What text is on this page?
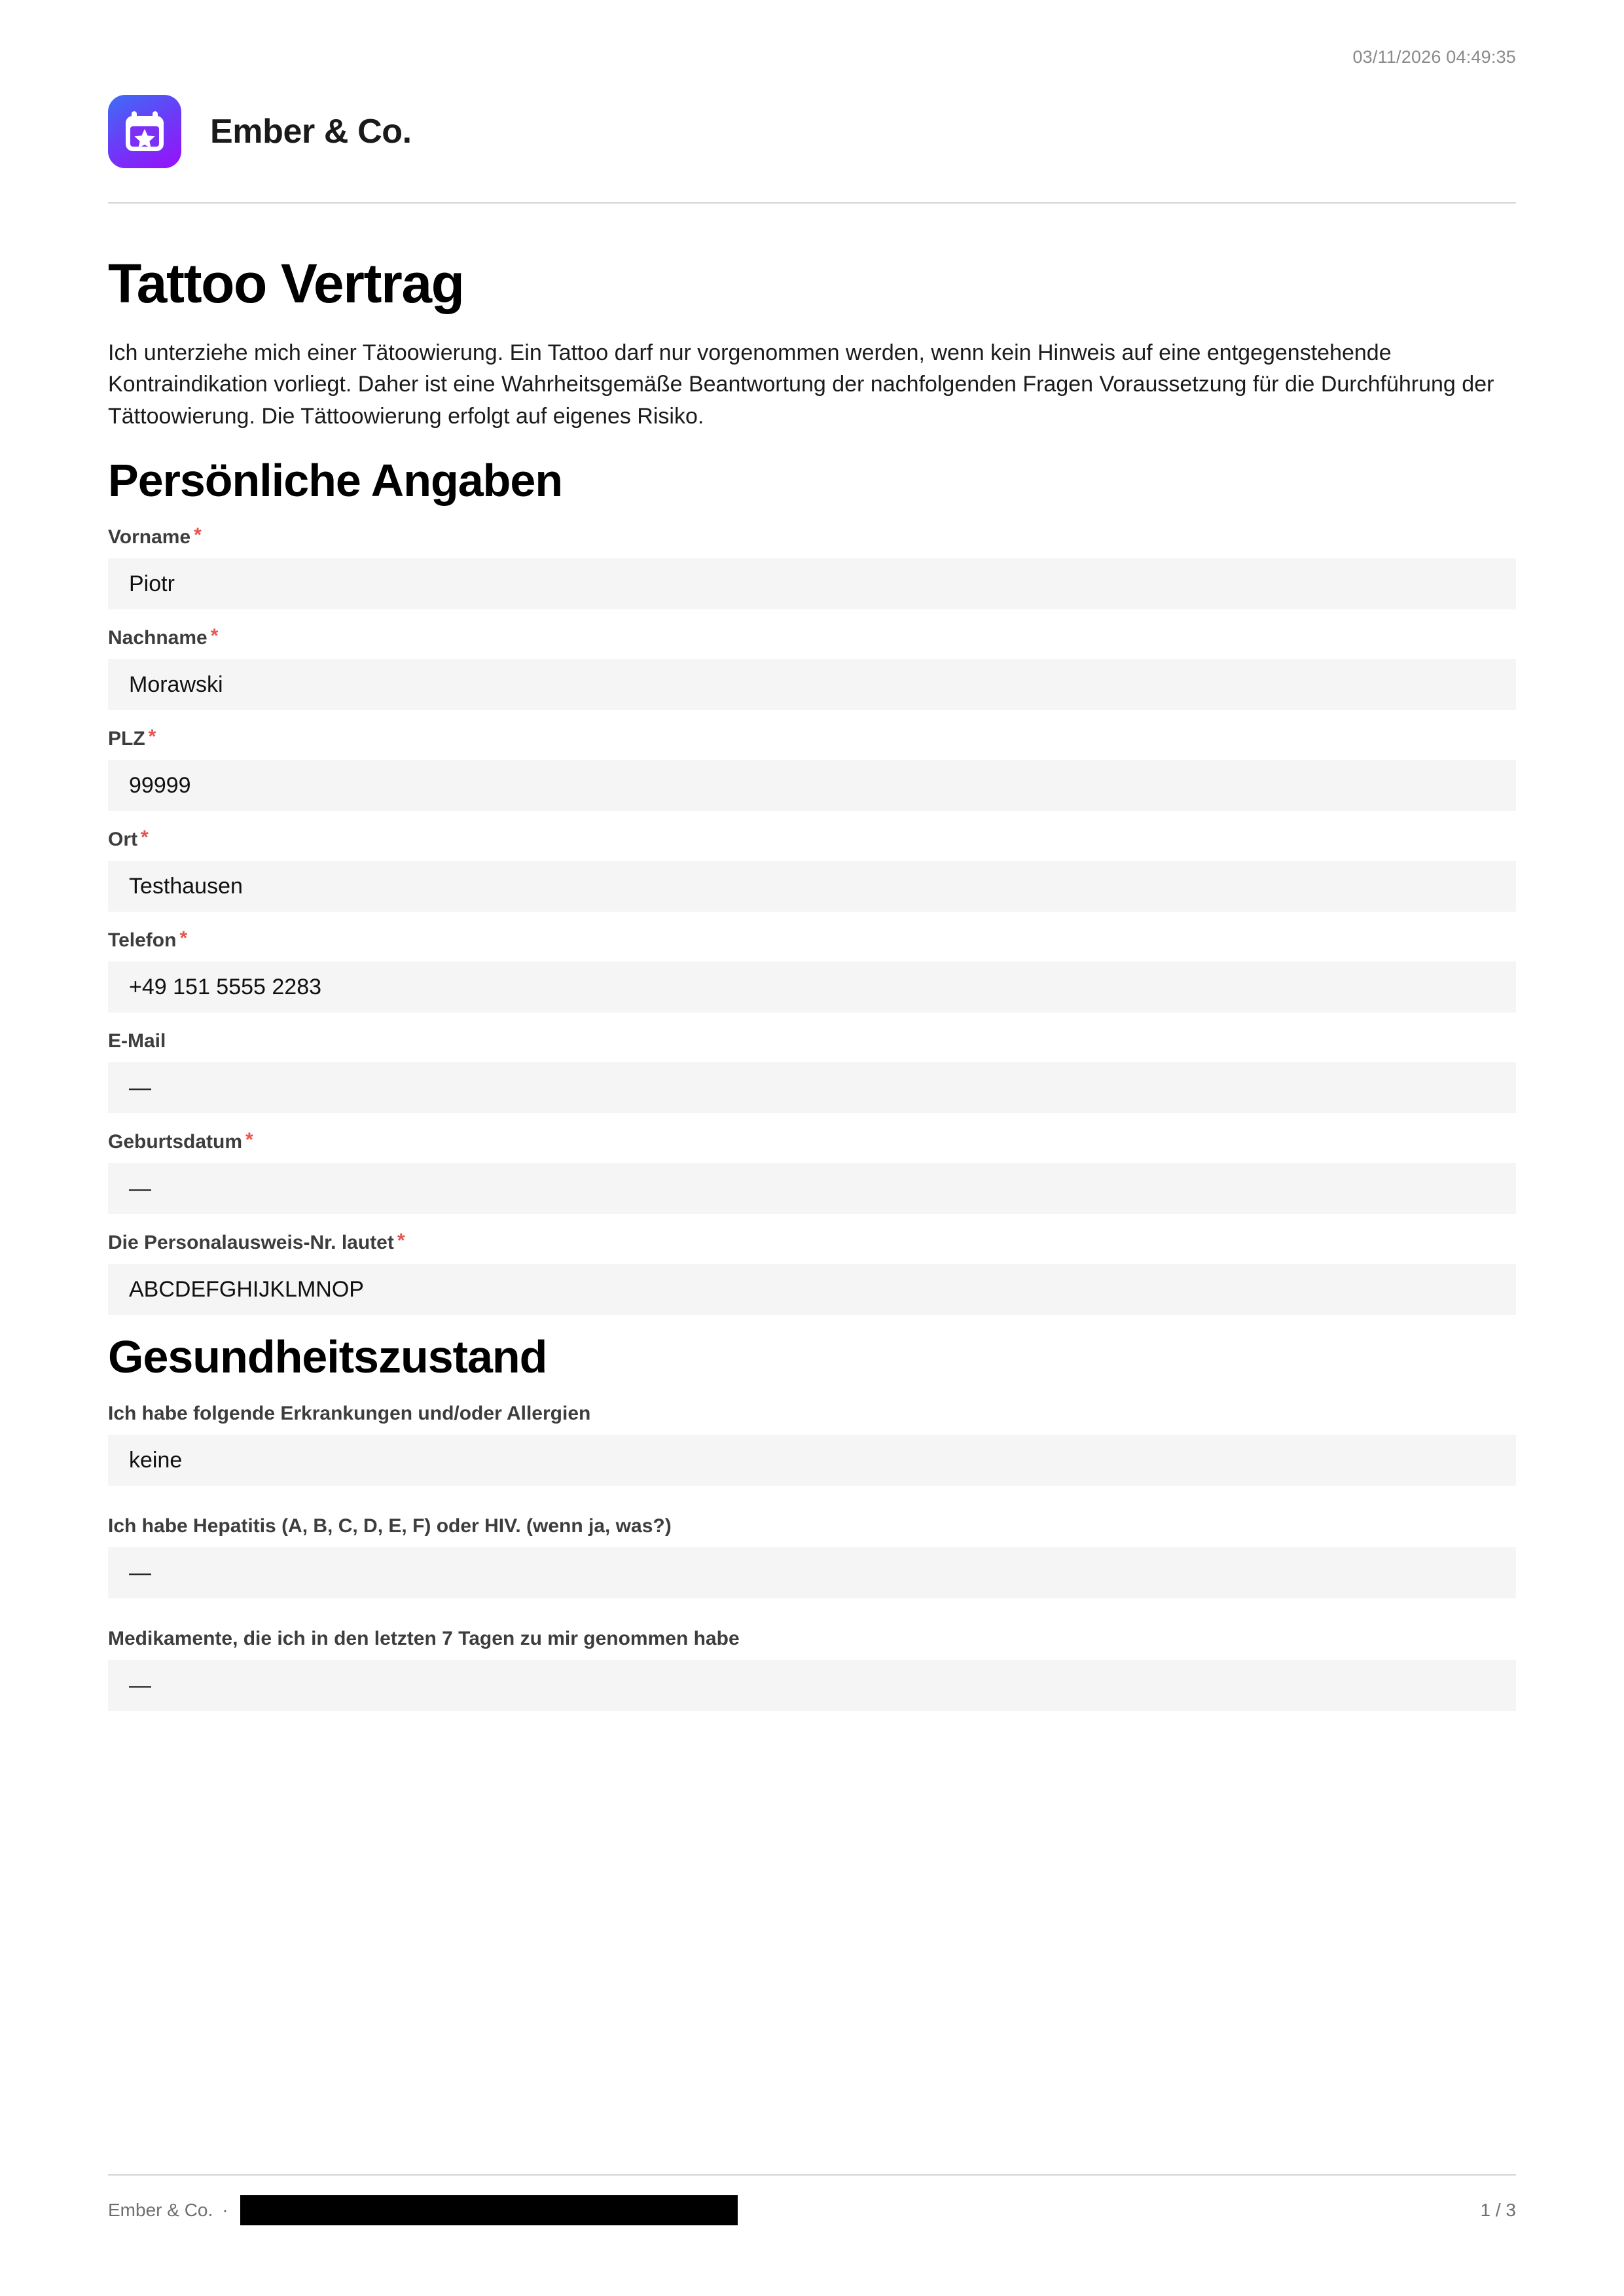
03/11/2026 04:49:35
Ember & Co.
Tattoo Vertrag

Ich unterziehe mich einer Tätoowierung. Ein Tattoo darf nur vorgenommen werden, wenn kein Hinweis auf eine entgegenstehende Kontraindikation vorliegt. Daher ist eine Wahrheitsgemäße Beantwortung der nachfolgenden Fragen Voraussetzung für die Durchführung der Tättoowierung. Die Tättoowierung erfolgt auf eigenes Risiko.

Persönliche Angaben
Vorname *
Piotr
Nachname *
Morawski
PLZ *
99999
Ort *
Testhausen
Telefon *
+49 151 5555 2283
E-Mail
—
Geburtsdatum *
—
Die Personalausweis-Nr. lautet *
ABCDEFGHIJKLMNOP
Gesundheitszustand
Ich habe folgende Erkrankungen und/oder Allergien
keine
Ich habe Hepatitis (A, B, C, D, E, F) oder HIV. (wenn ja, was?)
—
Medikamente, die ich in den letzten 7 Tagen zu mir genommen habe
—
Ember & Co. ·	1 / 3
